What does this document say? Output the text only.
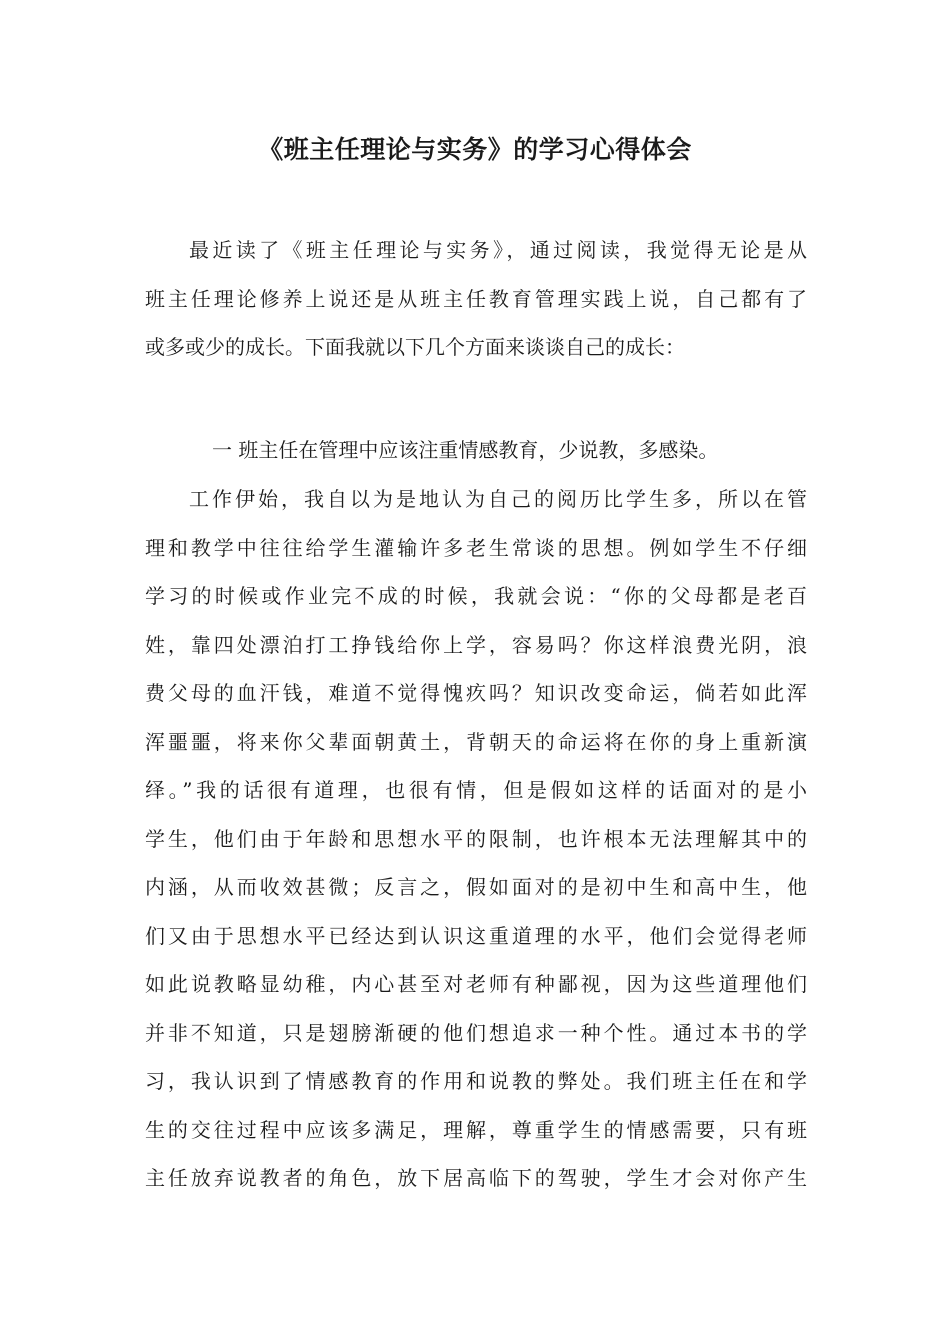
《班主任理论与实务》的学习心得体会
最近读了《班主任理论与实务》，通过阅读，我觉得无论是从
班主任理论修养上说还是从班主任教育管理实践上说，自己都有了
或多或少的成长。下面我就以下几个方面来谈谈自己的成长：

一 班主任在管理中应该注重情感教育，少说教，多感染。

工作伊始，我自以为是地认为自己的阅历比学生多，所以在管
理和教学中往往给学生灌输许多老生常谈的思想。例如学生不仔细
学习的时候或作业完不成的时候，我就会说：“你的父母都是老百
姓，靠四处漂泊打工挣钱给你上学，容易吗？你这样浪费光阴，浪
费父母的血汗钱，难道不觉得愧疚吗？知识改变命运，倘若如此浑
浑噩噩，将来你父辈面朝黄土，背朝天的命运将在你的身上重新演
绎。”我的话很有道理，也很有情，但是假如这样的话面对的是小
学生，他们由于年龄和思想水平的限制，也许根本无法理解其中的
内涵，从而收效甚微；反言之，假如面对的是初中生和高中生，他
们又由于思想水平已经达到认识这重道理的水平，他们会觉得老师
如此说教略显幼稚，内心甚至对老师有种鄙视，因为这些道理他们
并非不知道，只是翅膀渐硬的他们想追求一种个性。通过本书的学
习，我认识到了情感教育的作用和说教的弊处。我们班主任在和学
生的交往过程中应该多满足，理解，尊重学生的情感需要，只有班
主任放弃说教者的角色，放下居高临下的驾驶，学生才会对你产生
